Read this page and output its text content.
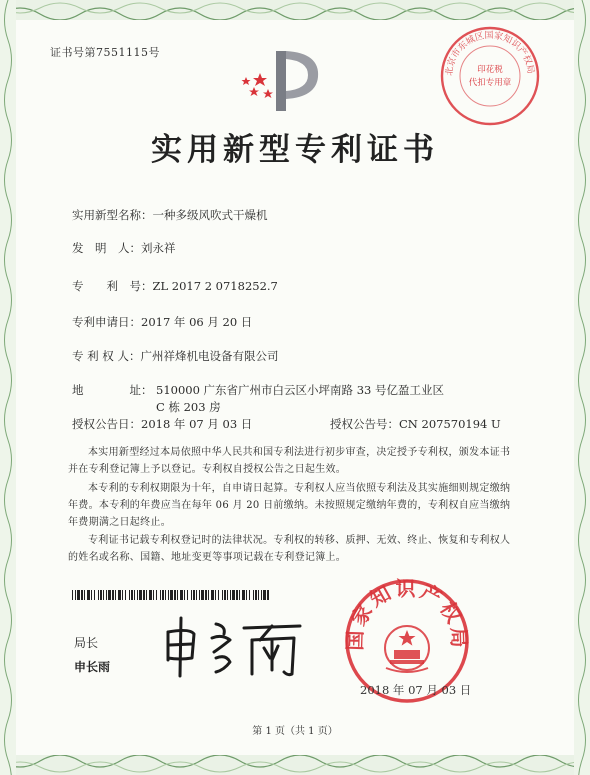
证书号第7551115号
北京市东城区国家知识产权局
印花税
代扣专用章
实用新型专利证书
实用新型名称：一种多级风吹式干燥机
发　明　人：刘永祥
专　　利　号：ZL 2017 2 0718252.7
专利申请日：2017 年 06 月 20 日
专 利 权 人：广州祥烽机电设备有限公司
地　　　　址： 510000 广东省广州市白云区小坪南路 33 号亿盈工业区 C 栋 203 房
授权公告日：2018 年 07 月 03 日	授权公告号：CN 207570194 U
本实用新型经过本局依照中华人民共和国专利法进行初步审查，决定授予专利权，颁发本证书并在专利登记簿上予以登记。专利权自授权公告之日起生效。
本专利的专利权期限为十年，自申请日起算。专利权人应当依照专利法及其实施细则规定缴纳年费。本专利的年费应当在每年 06 月 20 日前缴纳。未按照规定缴纳年费的，专利权自应当缴纳年费期满之日起终止。
专利证书记载专利权登记时的法律状况。专利权的转移、质押、无效、终止、恢复和专利权人的姓名或名称、国籍、地址变更等事项记载在专利登记簿上。
局长
申长雨
国家知识产权局
2018 年 07 月 03 日
第 1 页（共 1 页）
